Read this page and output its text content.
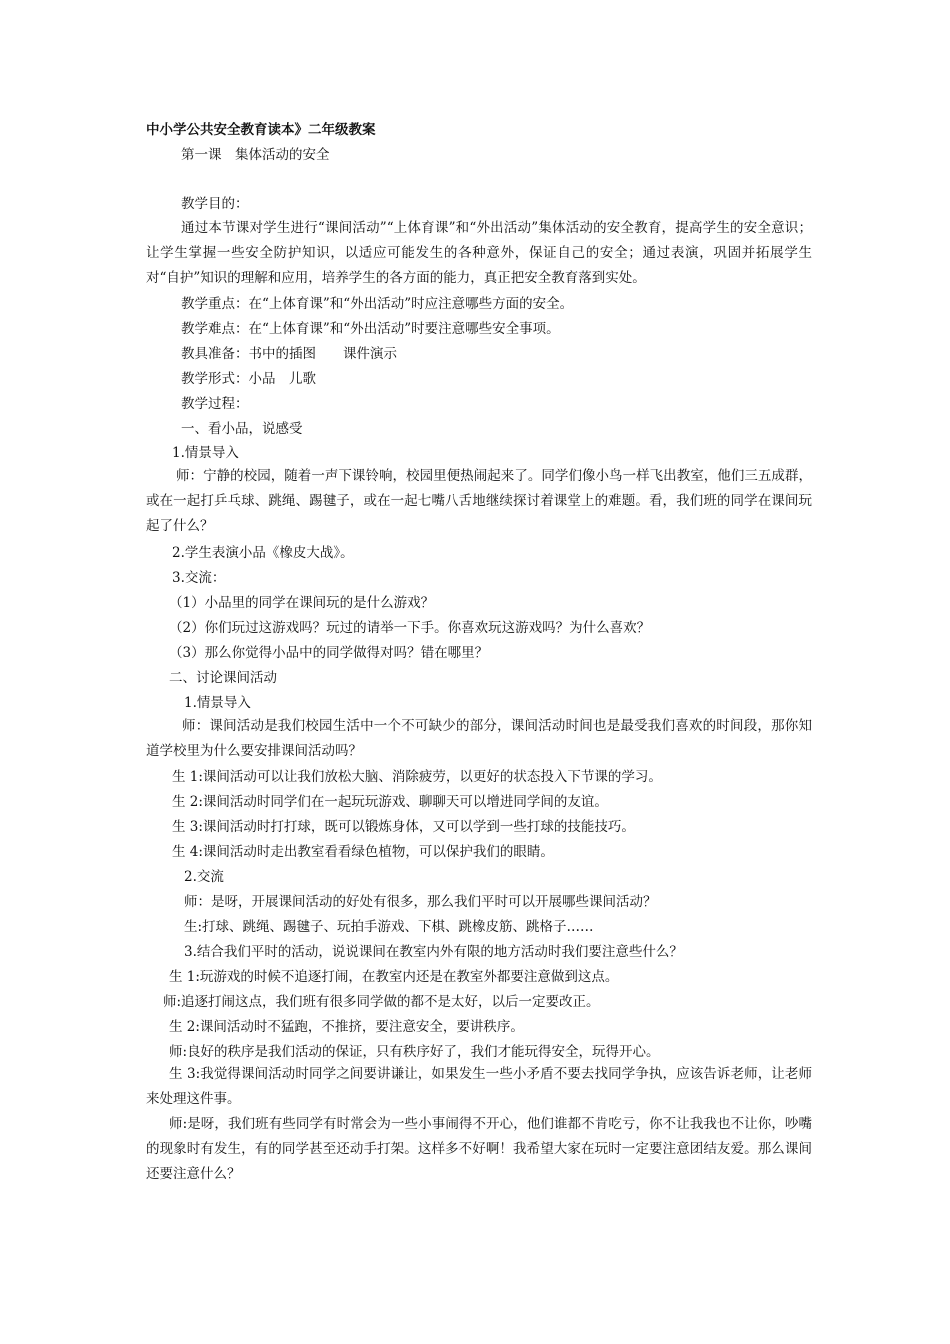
中小学公共安全教育读本》二年级教案
第一课　集体活动的安全
教学目的：
通过本节课对学生进行“课间活动”“上体育课”和“外出活动”集体活动的安全教育，提高学生的安全意识；让学生掌握一些安全防护知识，以适应可能发生的各种意外，保证自己的安全；通过表演，巩固并拓展学生对“自护”知识的理解和应用，培养学生的各方面的能力，真正把安全教育落到实处。
教学重点：在“上体育课”和“外出活动”时应注意哪些方面的安全。
教学难点：在“上体育课”和“外出活动”时要注意哪些安全事项。
教具准备：书中的插图　　课件演示
教学形式：小品　儿歌
教学过程：
一、看小品，说感受
1.情景导入
师：宁静的校园，随着一声下课铃响，校园里便热闹起来了。同学们像小鸟一样飞出教室，他们三五成群，或在一起打乒乓球、跳绳、踢毽子，或在一起七嘴八舌地继续探讨着课堂上的难题。看，我们班的同学在课间玩起了什么？
2.学生表演小品《橡皮大战》。
3.交流：
（1）小品里的同学在课间玩的是什么游戏？
（2）你们玩过这游戏吗？玩过的请举一下手。你喜欢玩这游戏吗？为什么喜欢？
（3）那么你觉得小品中的同学做得对吗？错在哪里？
二、讨论课间活动
1.情景导入
师：课间活动是我们校园生活中一个不可缺少的部分，课间活动时间也是最受我们喜欢的时间段，那你知道学校里为什么要安排课间活动吗？
生 1:课间活动可以让我们放松大脑、消除疲劳，以更好的状态投入下节课的学习。
生 2:课间活动时同学们在一起玩玩游戏、聊聊天可以增进同学间的友谊。
生 3:课间活动时打打球，既可以锻炼身体，又可以学到一些打球的技能技巧。
生 4:课间活动时走出教室看看绿色植物，可以保护我们的眼睛。
2.交流
师：是呀，开展课间活动的好处有很多，那么我们平时可以开展哪些课间活动？
生:打球、跳绳、踢毽子、玩拍手游戏、下棋、跳橡皮筋、跳格子……
3.结合我们平时的活动，说说课间在教室内外有限的地方活动时我们要注意些什么？
生 1:玩游戏的时候不追逐打闹，在教室内还是在教室外都要注意做到这点。
师:追逐打闹这点，我们班有很多同学做的都不是太好，以后一定要改正。
生 2:课间活动时不猛跑，不推挤，要注意安全，要讲秩序。
师:良好的秩序是我们活动的保证，只有秩序好了，我们才能玩得安全，玩得开心。
生 3:我觉得课间活动时同学之间要讲谦让，如果发生一些小矛盾不要去找同学争执，应该告诉老师，让老师来处理这件事。
师:是呀，我们班有些同学有时常会为一些小事闹得不开心，他们谁都不肯吃亏，你不让我我也不让你，吵嘴的现象时有发生，有的同学甚至还动手打架。这样多不好啊！我希望大家在玩时一定要注意团结友爱。那么课间还要注意什么？
